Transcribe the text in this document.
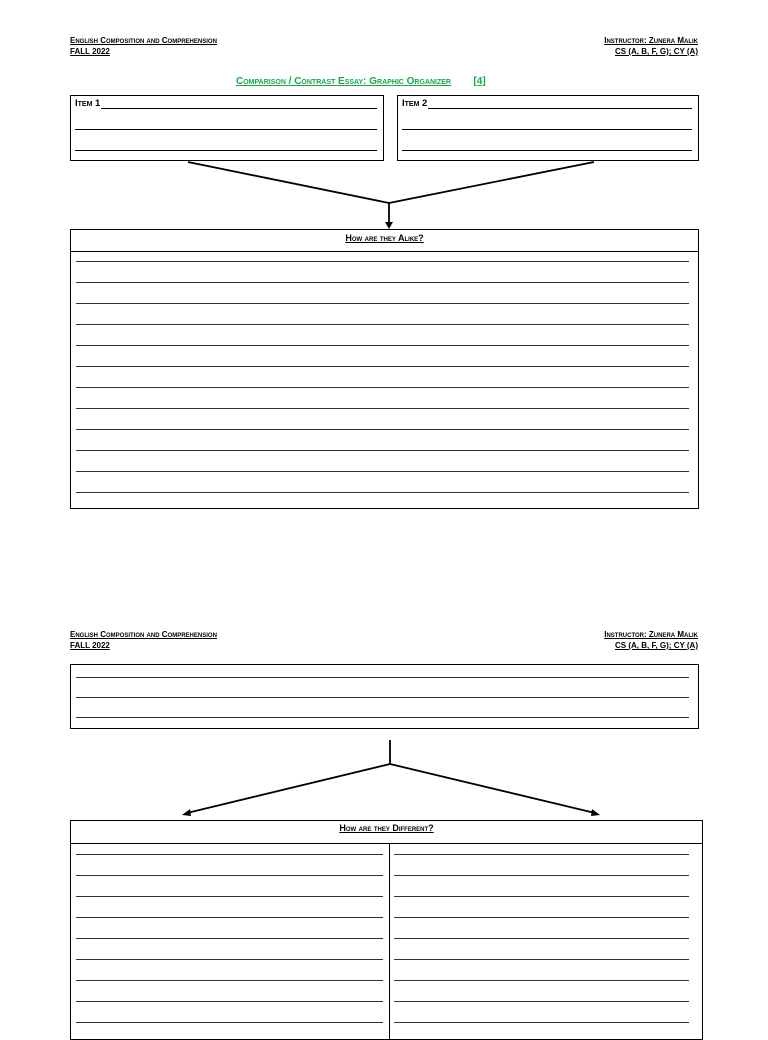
English Composition and Comprehension
FALL 2022
Instructor: Zunera Malik
CS (A, B, F, G); CY (A)
Comparison / Contrast Essay: Graphic Organizer [4]
Item 1	Item 2
How are they Alike?
English Composition and Comprehension
FALL 2022
Instructor: Zunera Malik
CS (A, B, F, G); CY (A)
How are they Different?
